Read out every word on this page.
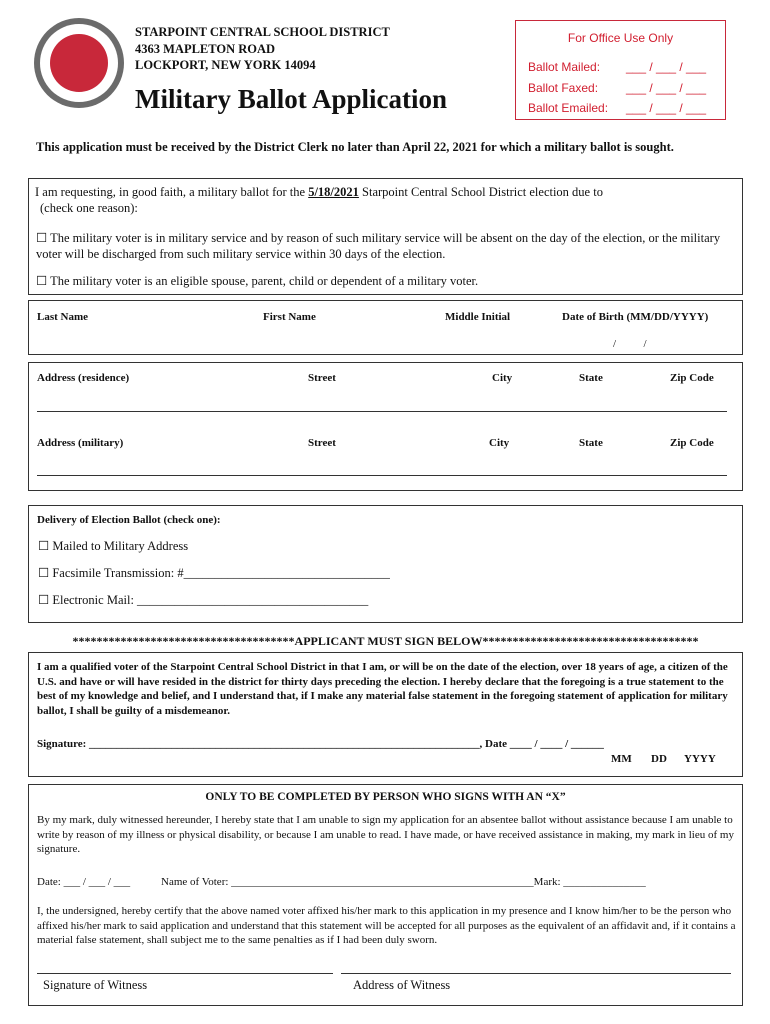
STARPOINT CENTRAL SCHOOL DISTRICT
4363 MAPLETON ROAD
LOCKPORT, NEW YORK 14094
Military Ballot Application
For Office Use Only
Ballot Mailed: ___ / ___ / ___
Ballot Faxed: ___ / ___ / ___
Ballot Emailed: ___ / ___ / ___
This application must be received by the District Clerk no later than April 22, 2021 for which a military ballot is sought.
I am requesting, in good faith, a military ballot for the 5/18/2021 Starpoint Central School District election due to
(check one reason):
☐ The military voter is in military service and by reason of such military service will be absent on the day of the election, or the military voter will be discharged from such military service within 30 days of the election.
☐ The military voter is an eligible spouse, parent, child or dependent of a military voter.
Last Name	First Name	Middle Initial	Date of Birth (MM/DD/YYYY)
/          /
Address (residence)	Street	City	State	Zip Code
Address (military)	Street	City	State	Zip Code
Delivery of Election Ballot (check one):
☐ Mailed to Military Address
☐ Facsimile Transmission: #_________________________________
☐ Electronic Mail: _____________________________________
*************************************APPLICANT MUST SIGN BELOW************************************
I am a qualified voter of the Starpoint Central School District in that I am, or will be on the date of the election, over 18 years of age, a citizen of the U.S. and have or will have resided in the district for thirty days preceding the election. I hereby declare that the foregoing is a true statement to the best of my knowledge and belief, and I understand that, if I make any material false statement in the foregoing statement of application for military ballot, I shall be guilty of a misdemeanor.
Signature: _______________________________________________________________________, Date ____ / ____ / ______
MM DD YYYY
ONLY TO BE COMPLETED BY PERSON WHO SIGNS WITH AN “X”
By my mark, duly witnessed hereunder, I hereby state that I am unable to sign my application for an absentee ballot without assistance because I am unable to write by reason of my illness or physical disability, or because I am unable to read. I have made, or have received assistance in making, my mark in lieu of my signature.
Date: ___ / ___ / ___	Name of Voter: _______________________________________________________Mark: _______________
I, the undersigned, hereby certify that the above named voter affixed his/her mark to this application in my presence and I know him/her to be the person who affixed his/her mark to said application and understand that this statement will be accepted for all purposes as the equivalent of an affidavit and, if it contains a material false statement, shall subject me to the same penalties as if I had been duly sworn.
Signature of Witness	Address of Witness
